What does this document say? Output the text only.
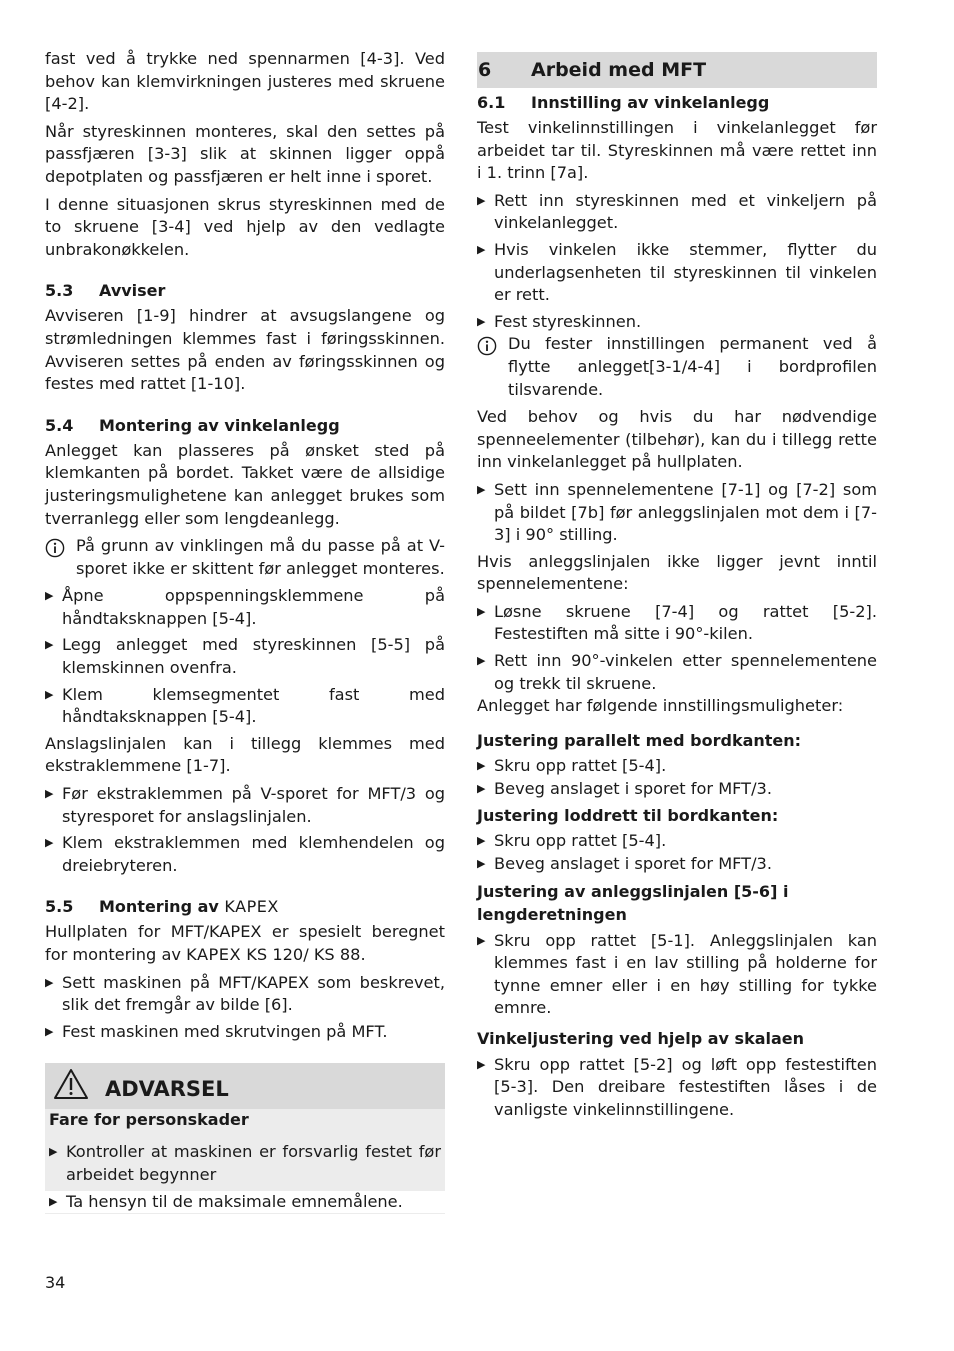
fast ved å trykke ned spennarmen [4-3]. Ved behov kan klemvirkningen justeres med skruene [4-2].

Når styreskinnen monteres, skal den settes på passfjæren [3-3] slik at skinnen ligger oppå depotplaten og passfjæren er helt inne i sporet.

I denne situasjonen skrus styreskinnen med de to skruene [3-4] ved hjelp av den vedlagte unbrakonøkkelen.

5.3	Avviser

Avviseren [1-9] hindrer at avsugslangene og strømledningen klemmes fast i føringsskinnen. Avviseren settes på enden av føringsskinnen og festes med rattet [1-10].

5.4	Montering av vinkelanlegg

Anlegget kan plasseres på ønsket sted på klemkanten på bordet. Takket være de allsidige justeringsmulighetene kan anlegget brukes som tverranlegg eller som lengdeanlegg.

På grunn av vinklingen må du passe på at V-sporet ikke er skittent før anlegget monteres.
▶ Åpne oppspenningsklemmene på håndtaksknappen [5-4].
▶ Legg anlegget med styreskinnen [5-5] på klemskinnen ovenfra.
▶ Klem klemsegmentet fast med håndtaksknappen [5-4].

Anslagslinjalen kan i tillegg klemmes med ekstraklemmene [1-7].

▶ Før ekstraklemmen på V-sporet for MFT/3 og styresporet for anslagslinjalen.
▶ Klem ekstraklemmen med klemhendelen og dreiebryteren.
5.5	Montering av KAPEX

Hullplaten for MFT/KAPEX er spesielt beregnet for montering av KAPEX KS 120/ KS 88.

▶ Sett maskinen på MFT/KAPEX som beskrevet, slik det fremgår av bilde [6].
▶ Fest maskinen med skrutvingen på MFT.
ADVARSEL
Fare for personskader
▶ Kontroller at maskinen er forsvarlig festet før arbeidet begynner
▶ Ta hensyn til de maksimale emnemålene.
6	Arbeid med MFT
6.1	Innstilling av vinkelanlegg

Test vinkelinnstillingen i vinkelanlegget før arbeidet tar til. Styreskinnen må være rettet inn i 1. trinn [7a].

▶ Rett inn styreskinnen med et vinkeljern på vinkelanlegget.
▶ Hvis vinkelen ikke stemmer, flytter du underlagsenheten til styreskinnen til vinkelen er rett.
▶ Fest styreskinnen.
Du fester innstillingen permanent ved å flytte anlegget[3-1/4-4] i bordprofilen tilsvarende.

Ved behov og hvis du har nødvendige spenneelementer (tilbehør), kan du i tillegg rette inn vinkelanlegget på hullplaten.

▶ Sett inn spennelementene [7-1] og [7-2] som på bildet [7b] før anleggslinjalen mot dem i [7-3] i 90° stilling.

Hvis anleggslinjalen ikke ligger jevnt inntil spennelementene:

▶ Løsne skruene [7-4] og rattet [5-2]. Festestiften må sitte i 90°-kilen.
▶ Rett inn 90°-vinkelen etter spennelementene og trekk til skruene.

Anlegget har følgende innstillingsmuligheter:

Justering parallelt med bordkanten:
▶ Skru opp rattet [5-4].
▶ Beveg anslaget i sporet for MFT/3.
Justering loddrett til bordkanten:
▶ Skru opp rattet [5-4].
▶ Beveg anslaget i sporet for MFT/3.
Justering av anleggslinjalen [5-6] i lengderetningen
▶ Skru opp rattet [5-1]. Anleggslinjalen kan klemmes fast i en lav stilling på holderne for tynne emner eller i en høy stilling for tykke emnre.
Vinkeljustering ved hjelp av skalaen
▶ Skru opp rattet [5-2] og løft opp festestiften [5-3]. Den dreibare festestiften låses i de vanligste vinkelinnstillingene.
34
